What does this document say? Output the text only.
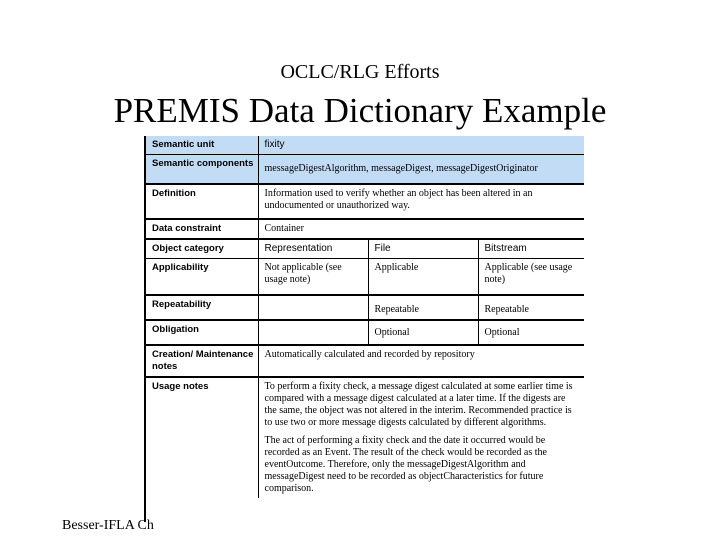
OCLC/RLG Efforts
PREMIS Data Dictionary Example
Semantic unit	fixity		
Semantic components	messageDigestAlgorithm, messageDigest, messageDigestOriginator		
Definition	Information used to verify whether an object has been altered in an undocumented or unauthorized way.		
Data constraint	Container		
Object category	Representation	File	Bitstream
Applicability	Not applicable (see usage note)	Applicable	Applicable (see usage note)
Repeatability		Repeatable	Repeatable
Obligation		Optional	Optional
Creation/ Maintenance notes	Automatically calculated and recorded by repository		
Usage notes	To perform a fixity check, a message digest calculated at some earlier time is compared with a message digest calculated at a later time. If the digests are the same, the object was not altered in the interim. Recommended practice is to use two or more message digests calculated by different algorithms.
The act of performing a fixity check and the date it occurred would be recorded as an Event. The result of the check would be recorded as the eventOutcome. Therefore, only the messageDigestAlgorithm and messageDigest need to be recorded as objectCharacteristics for future comparison.		
Besser-IFLA Ch
